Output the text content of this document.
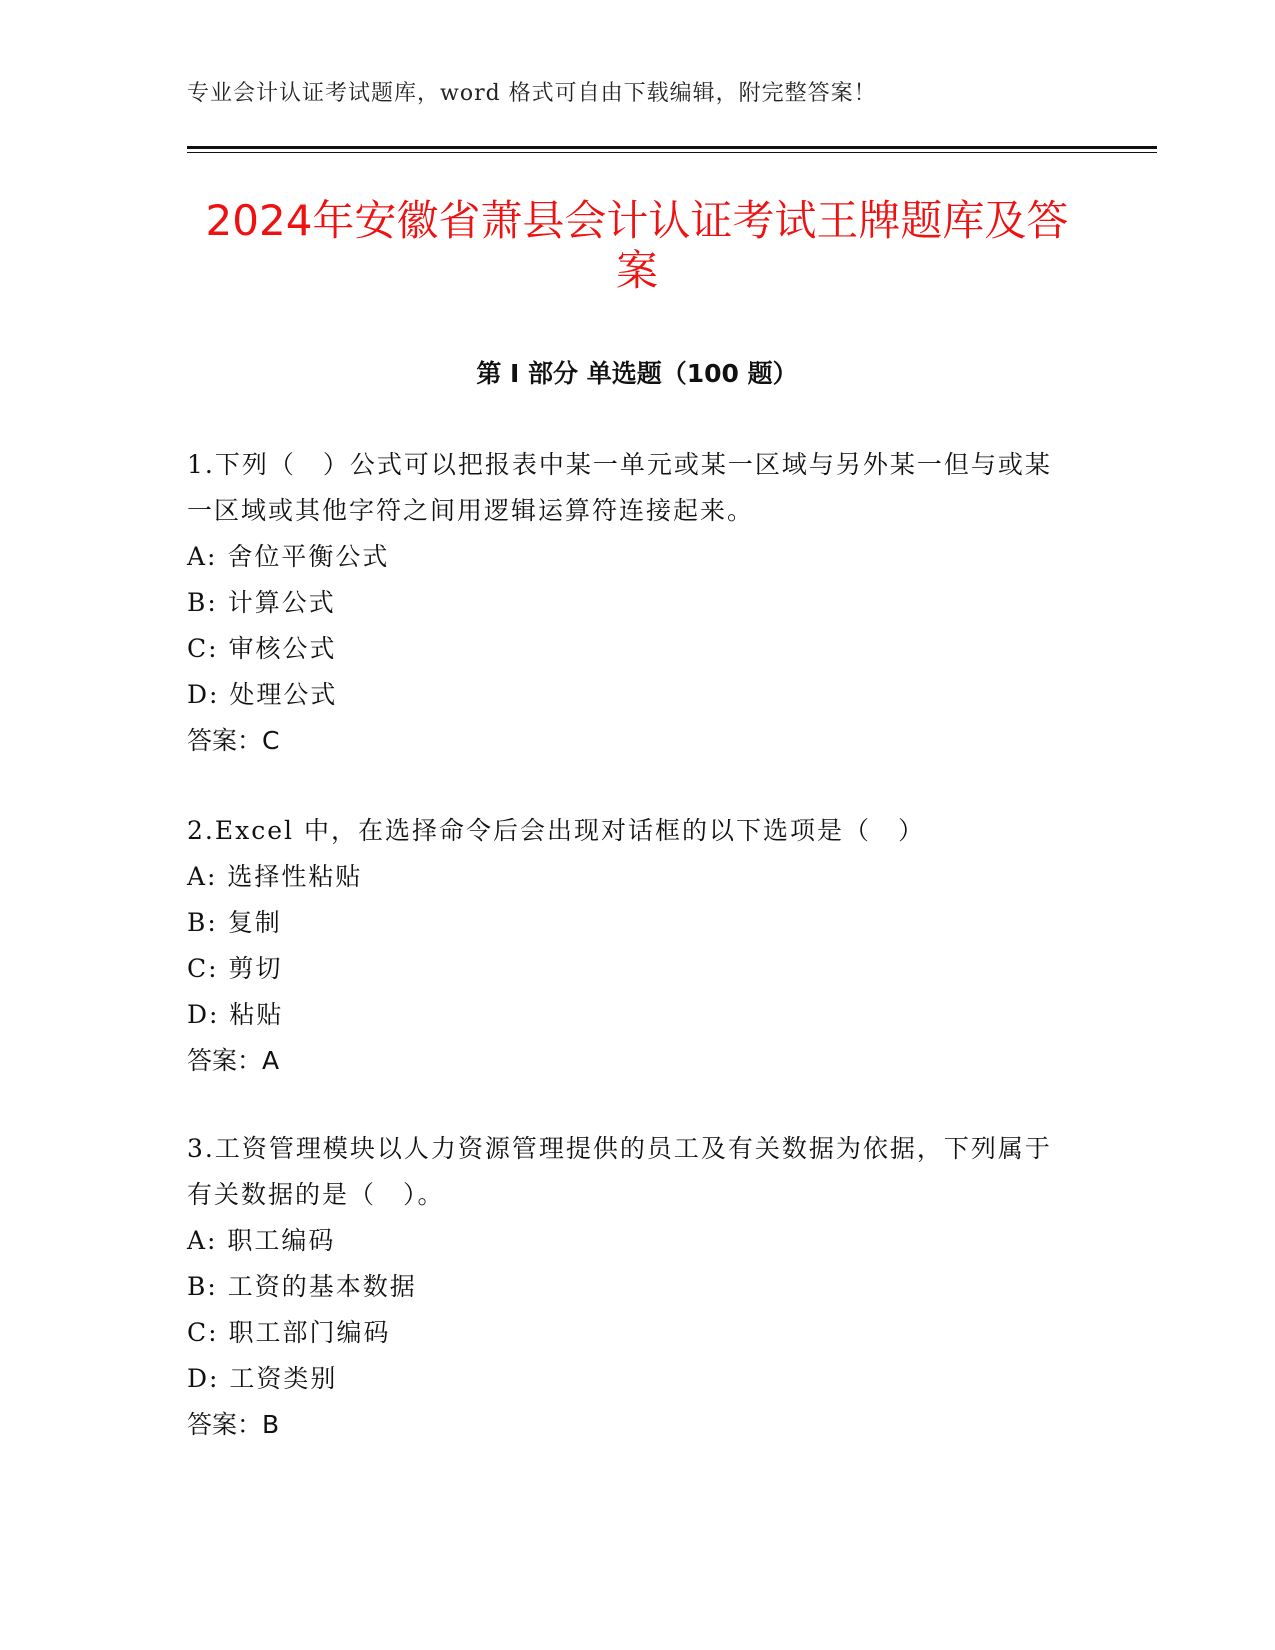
专业会计认证考试题库，word 格式可自由下载编辑，附完整答案！
2024年安徽省萧县会计认证考试王牌题库及答案
第 I 部分 单选题（100 题）

1.下列（　）公式可以把报表中某一单元或某一区域与另外某一但与或某一区域或其他字符之间用逻辑运算符连接起来。

A: 舍位平衡公式

B: 计算公式

C: 审核公式

D: 处理公式

答案：C

2.Excel 中，在选择命令后会出现对话框的以下选项是（　）

A: 选择性粘贴

B: 复制

C: 剪切

D: 粘贴

答案：A

3.工资管理模块以人力资源管理提供的员工及有关数据为依据，下列属于有关数据的是（　）。

A: 职工编码

B: 工资的基本数据

C: 职工部门编码

D: 工资类别

答案：B
